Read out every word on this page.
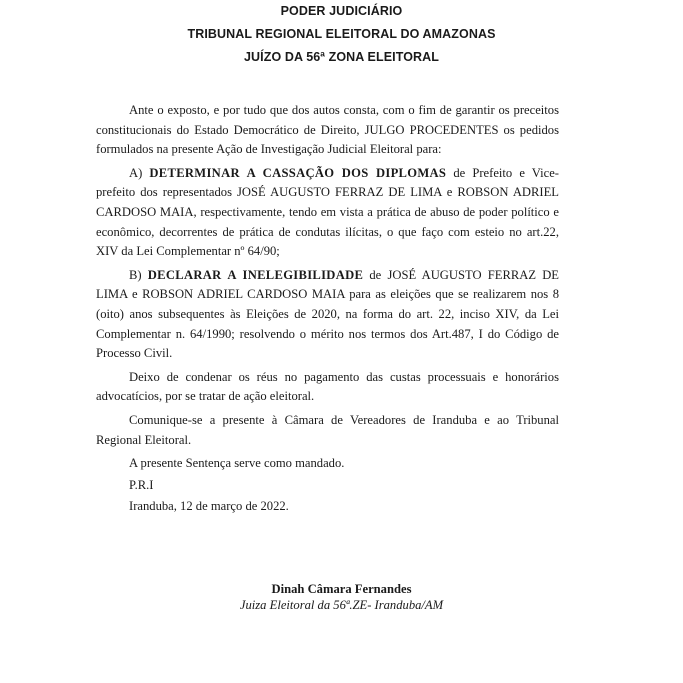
PODER JUDICIÁRIO
TRIBUNAL REGIONAL ELEITORAL DO AMAZONAS
JUÍZO DA 56ª ZONA ELEITORAL

Ante o exposto, e por tudo que dos autos consta, com o fim de garantir os preceitos constitucionais do Estado Democrático de Direito, JULGO PROCEDENTES os pedidos formulados na presente Ação de Investigação Judicial Eleitoral para:

A) DETERMINAR A CASSAÇÃO DOS DIPLOMAS de Prefeito e Vice-prefeito dos representados JOSÉ AUGUSTO FERRAZ DE LIMA e ROBSON ADRIEL CARDOSO MAIA, respectivamente, tendo em vista a prática de abuso de poder político e econômico, decorrentes de prática de condutas ilícitas, o que faço com esteio no art.22, XIV da Lei Complementar nº 64/90;

B) DECLARAR A INELEGIBILIDADE de JOSÉ AUGUSTO FERRAZ DE LIMA e ROBSON ADRIEL CARDOSO MAIA para as eleições que se realizarem nos 8 (oito) anos subsequentes às Eleições de 2020, na forma do art. 22, inciso XIV, da Lei Complementar n. 64/1990; resolvendo o mérito nos termos dos Art.487, I do Código de Processo Civil.

Deixo de condenar os réus no pagamento das custas processuais e honorários advocatícios, por se tratar de ação eleitoral.

Comunique-se a presente à Câmara de Vereadores de Iranduba e ao Tribunal Regional Eleitoral.

A presente Sentença serve como mandado.

P.R.I

Iranduba, 12 de março de 2022.

Dinah Câmara Fernandes
Juiza Eleitoral da 56ª.ZE- Iranduba/AM
